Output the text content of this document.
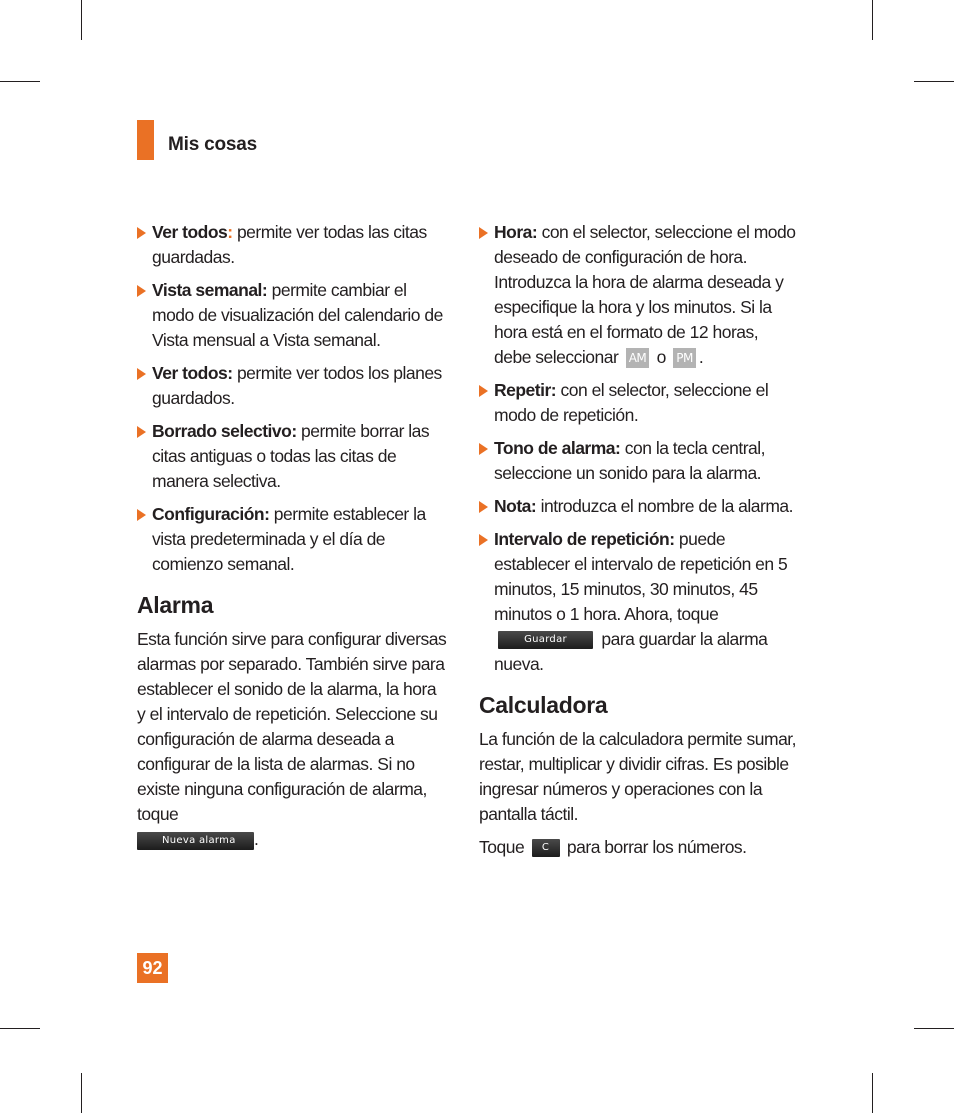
Mis cosas
Ver todos: permite ver todas las citas guardadas.
Vista semanal: permite cambiar el modo de visualización del calendario de Vista mensual a Vista semanal.
Ver todos: permite ver todos los planes guardados.
Borrado selectivo: permite borrar las citas antiguas o todas las citas de manera selectiva.
Configuración: permite establecer la vista predeterminada y el día de comienzo semanal.
Alarma

Esta función sirve para configurar diversas alarmas por separado. También sirve para establecer el sonido de la alarma, la hora y el intervalo de repetición. Seleccione su configuración de alarma deseada a configurar de la lista de alarmas. Si no existe ninguna configuración de alarma, toque
Nueva alarma .

Hora: con el selector, seleccione el modo deseado de configuración de hora. Introduzca la hora de alarma deseada y especifique la hora y los minutos. Si la hora está en el formato de 12 horas, debe seleccionar AM o PM .
Repetir: con el selector, seleccione el modo de repetición.
Tono de alarma: con la tecla central, seleccione un sonido para la alarma.
Nota: introduzca el nombre de la alarma.
Intervalo de repetición: puede establecer el intervalo de repetición en 5 minutos, 15 minutos, 30 minutos, 45 minutos o 1 hora. Ahora, toque Guardar para guardar la alarma nueva.
Calculadora

La función de la calculadora permite sumar, restar, multiplicar y dividir cifras. Es posible ingresar números y operaciones con la pantalla táctil.

Toque C para borrar los números.

92
